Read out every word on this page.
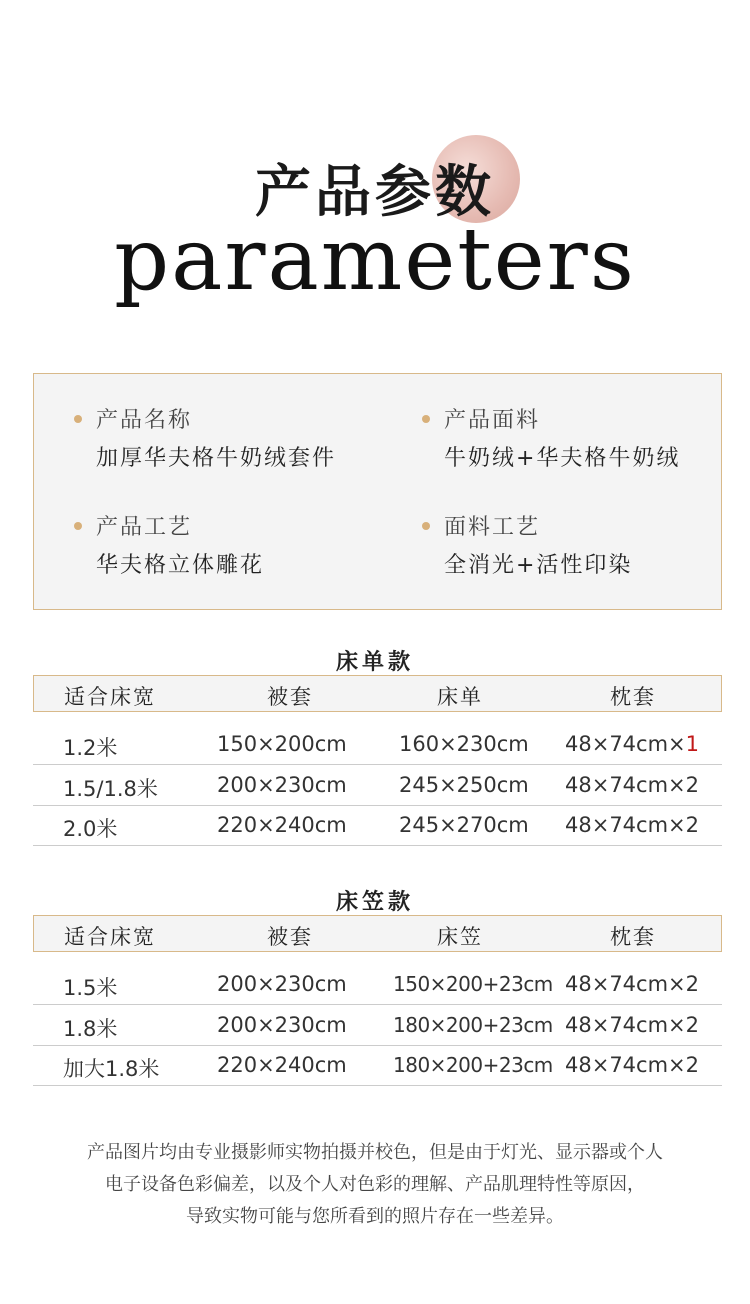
产品参数
parameters
产品名称
加厚华夫格牛奶绒套件
产品面料
牛奶绒+华夫格牛奶绒
产品工艺
华夫格立体雕花
面料工艺
全消光+活性印染
床单款
适合床宽	被套	床单	枕套
1.2米	150×200cm 160×230cm 48×74cm×1
1.5/1.8米	200×230cm 245×250cm 48×74cm×2
2.0米	220×240cm 245×270cm 48×74cm×2
床笠款
适合床宽	被套	床笠	枕套
1.5米	200×230cm 150×200+23cm 48×74cm×2
1.8米	200×230cm 180×200+23cm 48×74cm×2
加大1.8米	220×240cm 180×200+23cm 48×74cm×2
产品图片均由专业摄影师实物拍摄并校色，但是由于灯光、显示器或个人
电子设备色彩偏差，以及个人对色彩的理解、产品肌理特性等原因，
导致实物可能与您所看到的照片存在一些差异。
